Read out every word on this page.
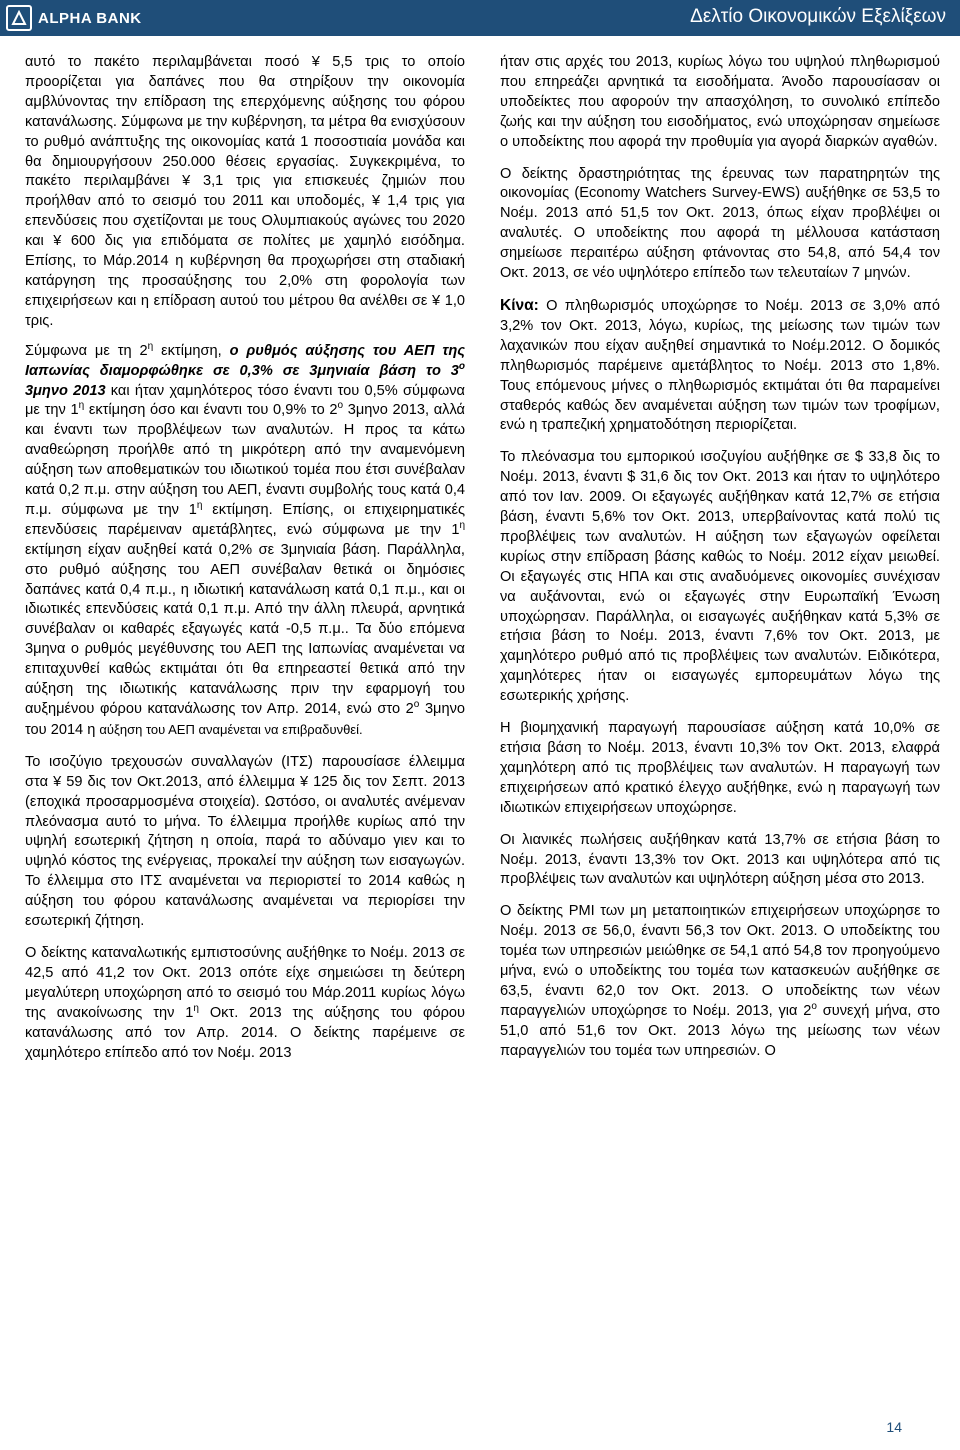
ALPHA BANK	Δελτίο Οικονομικών Εξελίξεων

αυτό το πακέτο περιλαμβάνεται ποσό ¥ 5,5 τρις το οποίο προορίζεται για δαπάνες που θα στηρίξουν την οικονομία αμβλύνοντας την επίδραση της επερχόμενης αύξησης του φόρου κατανάλωσης. Σύμφωνα με την κυβέρνηση, τα μέτρα θα ενισχύσουν το ρυθμό ανάπτυξης της οικονομίας κατά 1 ποσοστιαία μονάδα και θα δημιουργήσουν 250.000 θέσεις εργασίας. Συγκεκριμένα, το πακέτο περιλαμβάνει ¥ 3,1 τρις για επισκευές ζημιών που προήλθαν από το σεισμό του 2011 και υποδομές, ¥ 1,4 τρις για επενδύσεις που σχετίζονται με τους Ολυμπιακούς αγώνες του 2020 και ¥ 600 δις για επιδόματα σε πολίτες με χαμηλό εισόδημα. Επίσης, το Μάρ.2014 η κυβέρνηση θα προχωρήσει στη σταδιακή κατάργηση της προσαύξησης του 2,0% στη φορολογία των επιχειρήσεων και η επίδραση αυτού του μέτρου θα ανέλθει σε ¥ 1,0 τρις.

Σύμφωνα με τη $2^\eta$ εκτίμηση, ο ρυθμός αύξησης του ΑΕΠ της Ιαπωνίας διαμορφώθηκε σε 0,3% σε 3μηνιαία βάση το $3^o$ 3μηνο 2013 και ήταν χαμηλότερος τόσο έναντι του 0,5% σύμφωνα με την $1^\eta$ εκτίμηση όσο και έναντι του 0,9% το $2^o$ 3μηνο 2013, αλλά και έναντι των προβλέψεων των αναλυτών. Η προς τα κάτω αναθεώρηση προήλθε από τη μικρότερη από την αναμενόμενη αύξηση των αποθεματικών του ιδιωτικού τομέα που έτσι συνέβαλαν κατά 0,2 π.μ. στην αύξηση του ΑΕΠ, έναντι συμβολής τους κατά 0,4 π.μ. σύμφωνα με την $1^\eta$ εκτίμηση. Επίσης, οι επιχειρηματικές επενδύσεις παρέμειναν αμετάβλητες, ενώ σύμφωνα με την $1^\eta$ εκτίμηση είχαν αυξηθεί κατά 0,2% σε 3μηνιαία βάση. Παράλληλα, στο ρυθμό αύξησης του ΑΕΠ συνέβαλαν θετικά οι δημόσιες δαπάνες κατά 0,4 π.μ., η ιδιωτική κατανάλωση κατά 0,1 π.μ., και οι ιδιωτικές επενδύσεις κατά 0,1 π.μ. Από την άλλη πλευρά, αρνητικά συνέβαλαν οι καθαρές εξαγωγές κατά -0,5 π.μ.. Τα δύο επόμενα 3μηνα ο ρυθμός μεγέθυνσης του ΑΕΠ της Ιαπωνίας αναμένεται να επιταχυνθεί καθώς εκτιμάται ότι θα επηρεαστεί θετικά από την αύξηση της ιδιωτικής κατανάλωσης πριν την εφαρμογή του αυξημένου φόρου κατανάλωσης τον Απρ. 2014, ενώ στο $2^o$ 3μηνο του 2014 η αύξηση του ΑΕΠ αναμένεται να επιβραδυνθεί.

Το ισοζύγιο τρεχουσών συναλλαγών (ΙΤΣ) παρουσίασε έλλειμμα στα ¥ 59 δις τον Οκτ.2013, από έλλειμμα ¥ 125 δις τον Σεπτ. 2013 (εποχικά προσαρμοσμένα στοιχεία). Ωστόσο, οι αναλυτές ανέμεναν πλεόνασμα αυτό το μήνα. Το έλλειμμα προήλθε κυρίως από την υψηλή εσωτερική ζήτηση η οποία, παρά το αδύναμο γιεν και το υψηλό κόστος της ενέργειας, προκαλεί την αύξηση των εισαγωγών. Το έλλειμμα στο ΙΤΣ αναμένεται να περιοριστεί το 2014 καθώς η αύξηση του φόρου κατανάλωσης αναμένεται να περιορίσει την εσωτερική ζήτηση.

Ο δείκτης καταναλωτικής εμπιστοσύνης αυξήθηκε το Νοέμ. 2013 σε 42,5 από 41,2 τον Οκτ. 2013 οπότε είχε σημειώσει τη δεύτερη μεγαλύτερη υποχώρηση από το σεισμό του Μάρ.2011 κυρίως λόγω της ανακοίνωσης την $1^\eta$ Οκτ. 2013 της αύξησης του φόρου κατανάλωσης από τον Απρ. 2014. Ο δείκτης παρέμεινε σε χαμηλότερο επίπεδο από τον Νοέμ. 2013

ήταν στις αρχές του 2013, κυρίως λόγω του υψηλού πληθωρισμού που επηρεάζει αρνητικά τα εισοδήματα. Άνοδο παρουσίασαν οι υποδείκτες που αφορούν την απασχόληση, το συνολικό επίπεδο ζωής και την αύξηση του εισοδήματος, ενώ υποχώρησαν σημείωσε ο υποδείκτης που αφορά την προθυμία για αγορά διαρκών αγαθών.

Ο δείκτης δραστηριότητας της έρευνας των παρατηρητών της οικονομίας (Economy Watchers Survey-EWS) αυξήθηκε σε 53,5 το Νοέμ. 2013 από 51,5 τον Οκτ. 2013, όπως είχαν προβλέψει οι αναλυτές. Ο υποδείκτης που αφορά τη μέλλουσα κατάσταση σημείωσε περαιτέρω αύξηση φτάνοντας στο 54,8, από 54,4 τον Οκτ. 2013, σε νέο υψηλότερο επίπεδο των τελευταίων 7 μηνών.

Κίνα: Ο πληθωρισμός υποχώρησε το Νοέμ. 2013 σε 3,0% από 3,2% τον Οκτ. 2013, λόγω, κυρίως, της μείωσης των τιμών των λαχανικών που είχαν αυξηθεί σημαντικά το Νοέμ.2012. Ο δομικός πληθωρισμός παρέμεινε αμετάβλητος το Νοέμ. 2013 στο 1,8%. Τους επόμενους μήνες ο πληθωρισμός εκτιμάται ότι θα παραμείνει σταθερός καθώς δεν αναμένεται αύξηση των τιμών των τροφίμων, ενώ η τραπεζική χρηματοδότηση περιορίζεται.

Το πλεόνασμα του εμπορικού ισοζυγίου αυξήθηκε σε $ 33,8 δις το Νοέμ. 2013, έναντι $ 31,6 δις τον Οκτ. 2013 και ήταν το υψηλότερο από τον Ιαν. 2009. Οι εξαγωγές αυξήθηκαν κατά 12,7% σε ετήσια βάση, έναντι 5,6% τον Οκτ. 2013, υπερβαίνοντας κατά πολύ τις προβλέψεις των αναλυτών. Η αύξηση των εξαγωγών οφείλεται κυρίως στην επίδραση βάσης καθώς το Νοέμ. 2012 είχαν μειωθεί. Οι εξαγωγές στις ΗΠΑ και στις αναδυόμενες οικονομίες συνέχισαν να αυξάνονται, ενώ οι εξαγωγές στην Ευρωπαϊκή Ένωση υποχώρησαν. Παράλληλα, οι εισαγωγές αυξήθηκαν κατά 5,3% σε ετήσια βάση το Νοέμ. 2013, έναντι 7,6% τον Οκτ. 2013, με χαμηλότερο ρυθμό από τις προβλέψεις των αναλυτών. Ειδικότερα, χαμηλότερες ήταν οι εισαγωγές εμπορευμάτων λόγω της εσωτερικής χρήσης.

Η βιομηχανική παραγωγή παρουσίασε αύξηση κατά 10,0% σε ετήσια βάση το Νοέμ. 2013, έναντι 10,3% τον Οκτ. 2013, ελαφρά χαμηλότερη από τις προβλέψεις των αναλυτών. Η παραγωγή των επιχειρήσεων από κρατικό έλεγχο αυξήθηκε, ενώ η παραγωγή των ιδιωτικών επιχειρήσεων υποχώρησε.

Οι λιανικές πωλήσεις αυξήθηκαν κατά 13,7% σε ετήσια βάση το Νοέμ. 2013, έναντι 13,3% τον Οκτ. 2013 και υψηλότερα από τις προβλέψεις των αναλυτών και υψηλότερη αύξηση μέσα στο 2013.

Ο δείκτης PMI των μη μεταποιητικών επιχειρήσεων υποχώρησε το Νοέμ. 2013 σε 56,0, έναντι 56,3 τον Οκτ. 2013. Ο υποδείκτης του τομέα των υπηρεσιών μειώθηκε σε 54,1 από 54,8 τον προηγούμενο μήνα, ενώ ο υποδείκτης του τομέα των κατασκευών αυξήθηκε σε 63,5, έναντι 62,0 τον Οκτ. 2013. Ο υποδείκτης των νέων παραγγελιών υποχώρησε το Νοέμ. 2013, για $2^o$ συνεχή μήνα, στο 51,0 από 51,6 τον Οκτ. 2013 λόγω της μείωσης των νέων παραγγελιών του τομέα των υπηρεσιών. Ο

14
